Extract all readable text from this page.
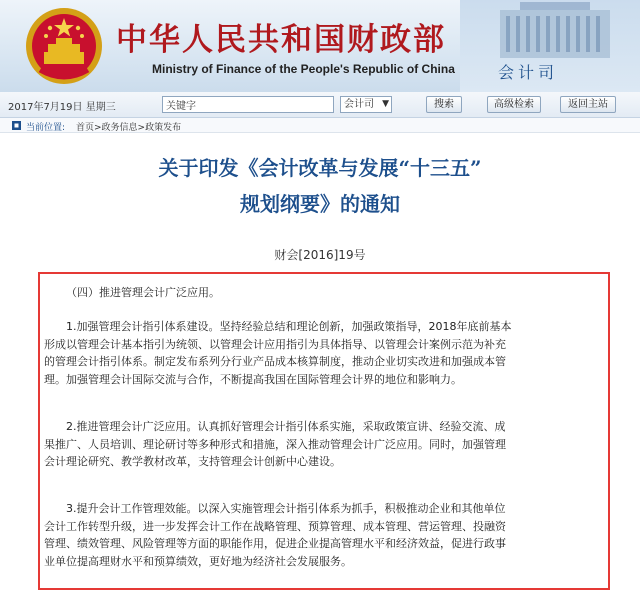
中华人民共和国财政部
Ministry of Finance of the People's Republic of China	会计司
2017年7月19日 星期三
关键字	会计司 ▼	搜索	高级检索	返回主站
当前位置: 首页>政务信息>政策发布
关于印发《会计改革与发展“十三五”
规划纲要》的通知
财会[2016]19号
（四）推进管理会计广泛应用。
1.加强管理会计指引体系建设。坚持经验总结和理论创新，加强政策指导，2018年底前基本
形成以管理会计基本指引为统领、以管理会计应用指引为具体指导、以管理会计案例示范为补充
的管理会计指引体系。制定发布系列分行业产品成本核算制度，推动企业切实改进和加强成本管
理。加强管理会计国际交流与合作，不断提高我国在国际管理会计界的地位和影响力。
2.推进管理会计广泛应用。认真抓好管理会计指引体系实施，采取政策宣讲、经验交流、成
果推广、人员培训、理论研讨等多种形式和措施，深入推动管理会计广泛应用。同时，加强管理
会计理论研究、教学教材改革，支持管理会计创新中心建设。
3.提升会计工作管理效能。以深入实施管理会计指引体系为抓手，积极推动企业和其他单位
会计工作转型升级，进一步发挥会计工作在战略管理、预算管理、成本管理、营运管理、投融资
管理、绩效管理、风险管理等方面的职能作用，促进企业提高管理水平和经济效益，促进行政事
业单位提高理财水平和预算绩效，更好地为经济社会发展服务。
